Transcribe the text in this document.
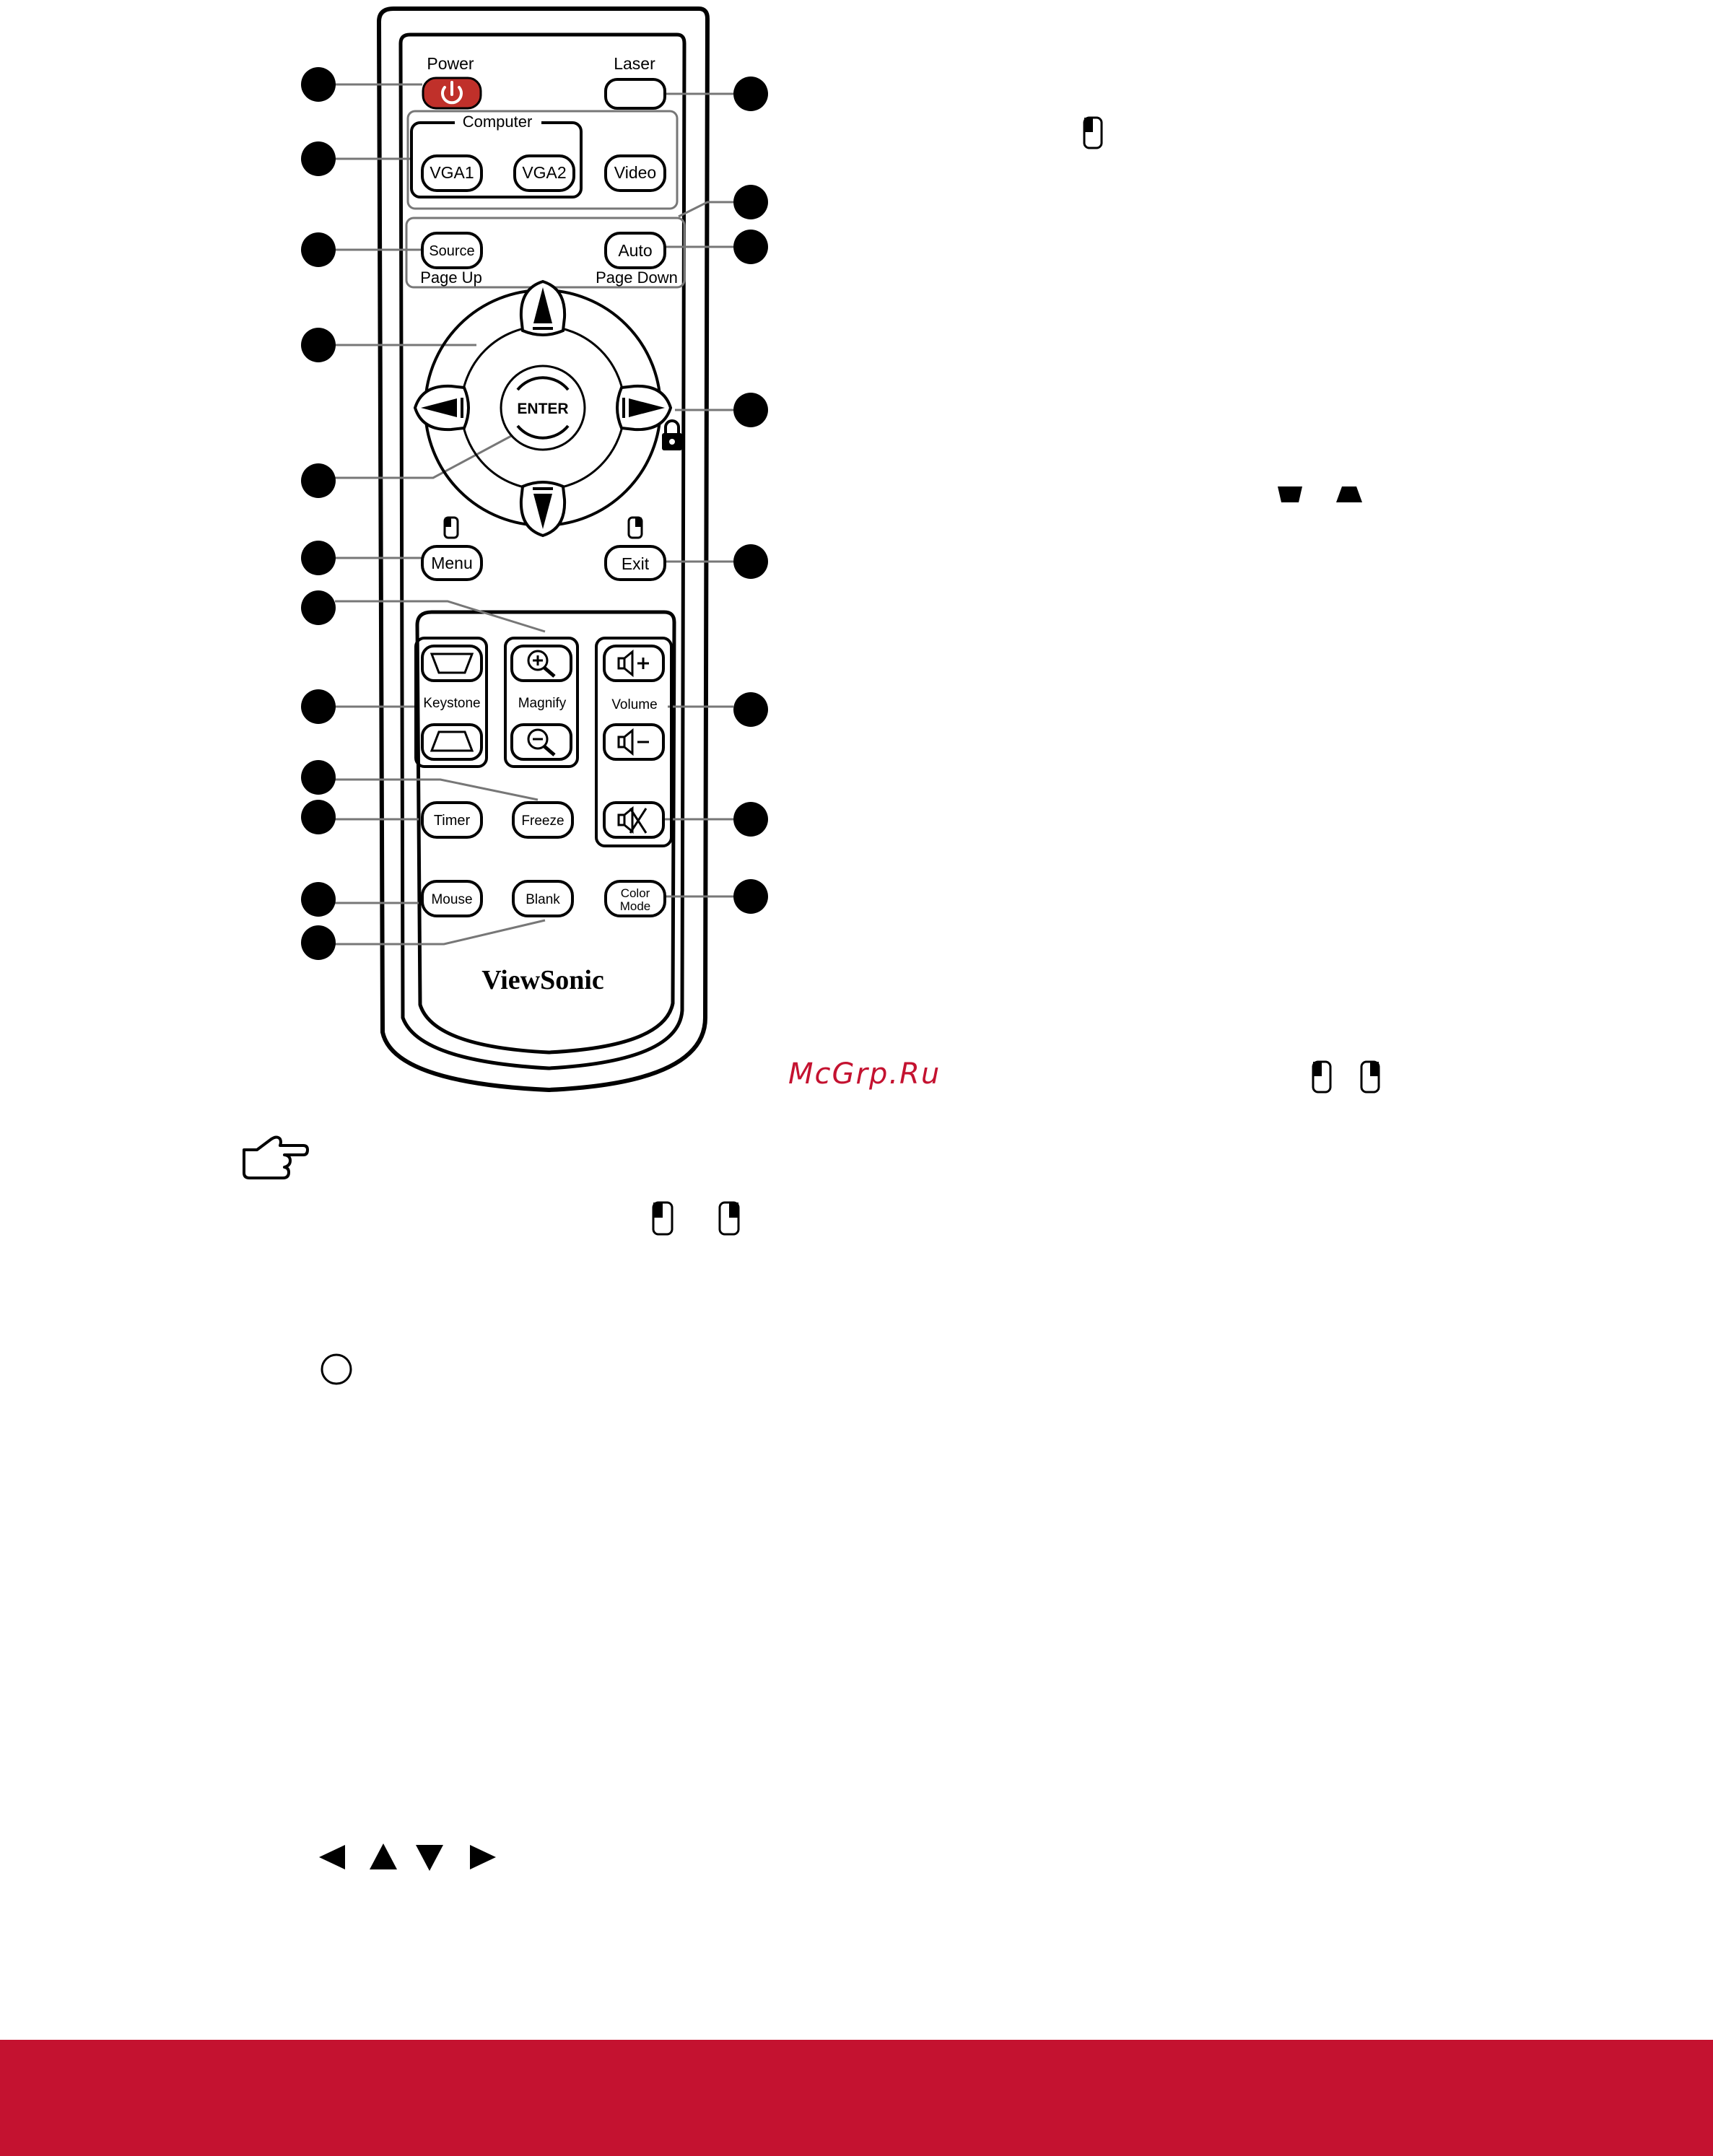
Power	Laser
Computer
VGA1	VGA2	Video
Source
Page Up
Auto
Page Down
ENTER
Menu	Exit
Keystone	Magnify	Volume
Timer	Freeze
Mouse	Blank	Color
Mode
ViewSonic
McGrp.Ru
